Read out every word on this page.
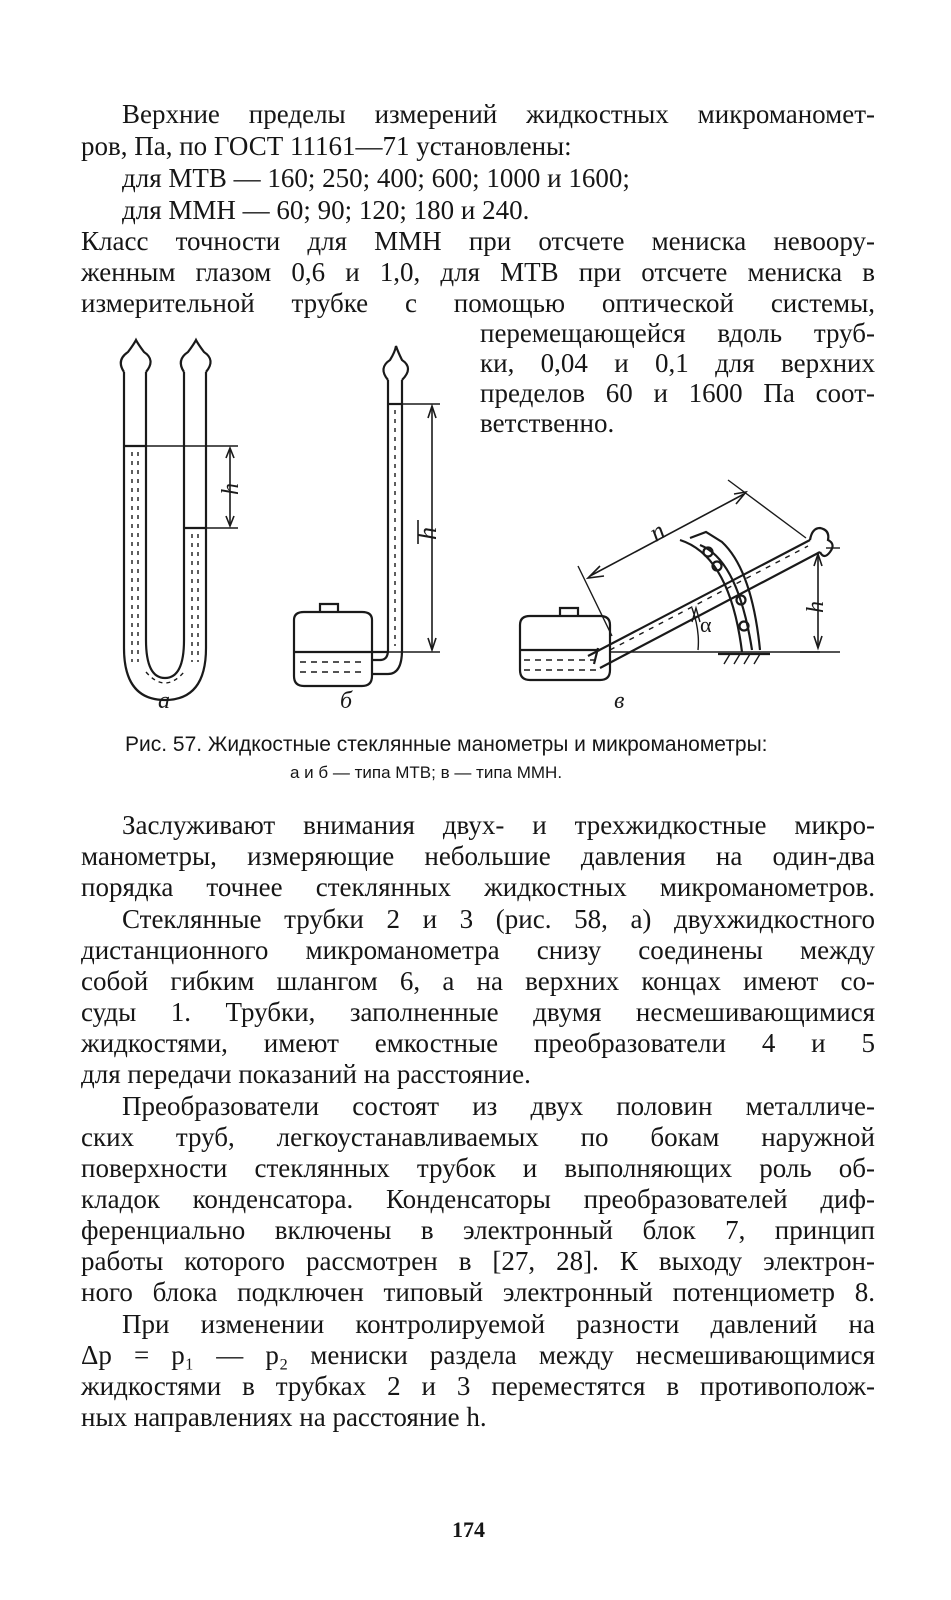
Верхние пределы измерений жидкостных микроманомет-

ров, Па, по ГОСТ 11161—71 установлены:

для МТВ — 160; 250; 400; 600; 1000 и 1600;

для ММН — 60; 90; 120; 180 и 240.

Класс точности для ММН при отсчете мениска невоору-

женным глазом 0,6 и 1,0, для МТВ при отсчете мениска в

измерительной трубке с помощью оптической системы,

перемещающейся вдоль труб-

ки, 0,04 и 0,1 для верхних

пределов 60 и 1600 Па соот-

ветственно.

а	б	в
h
h	n
α
h
Рис. 57. Жидкостные стеклянные манометры и микроманометры:
а и б — типа МТВ; в — типа ММН.

Заслуживают внимания двух- и трехжидкостные микро-

манометры, измеряющие небольшие давления на один-два

порядка точнее стеклянных жидкостных микроманометров.

Стеклянные трубки 2 и 3 (рис. 58, а) двухжидкостного

дистанционного микроманометра снизу соединены между

собой гибким шлангом 6, а на верхних концах имеют со-

суды 1. Трубки, заполненные двумя несмешивающимися

жидкостями, имеют емкостные преобразователи 4 и 5

для передачи показаний на расстояние.

Преобразователи состоят из двух половин металличе-

ских труб, легкоустанавливаемых по бокам наружной

поверхности стеклянных трубок и выполняющих роль об-

кладок конденсатора. Конденсаторы преобразователей диф-

ференциально включены в электронный блок 7, принцип

работы которого рассмотрен в [27, 28]. К выходу электрон-

ного блока подключен типовый электронный потенциометр 8.

При изменении контролируемой разности давлений на

Δp = p₁ — p₂ мениски раздела между несмешивающимися

жидкостями в трубках 2 и 3 переместятся в противополож-

ных направлениях на расстояние h.

174
